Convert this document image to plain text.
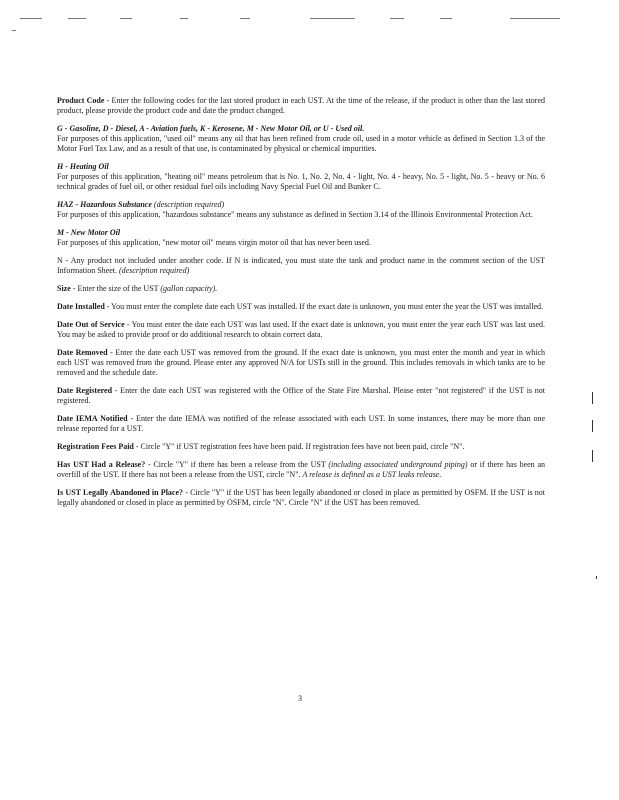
Product Code - Enter the following codes for the last stored product in each UST. At the time of the release, if the product is other than the last stored product, please provide the product code and date the product changed.

G - Gasoline, D - Diesel, A - Aviation fuels, K - Kerosene, M - New Motor Oil, or U - Used oil.
For purposes of this application, "used oil" means any oil that has been refined from crude oil, used in a motor vehicle as defined in Section 1.3 of the Motor Fuel Tax Law, and as a result of that use, is contaminated by physical or chemical impurities.

H - Heating Oil
For purposes of this application, "heating oil" means petroleum that is No. 1, No. 2, No. 4 - light, No. 4 - heavy, No. 5 - light, No. 5 - heavy or No. 6 technical grades of fuel oil, or other residual fuel oils including Navy Special Fuel Oil and Bunker C.

HAZ - Hazardous Substance (description required)
For purposes of this application, "hazardous substance" means any substance as defined in Section 3.14 of the Illinois Environmental Protection Act.

M - New Motor Oil
For purposes of this application, "new motor oil" means virgin motor oil that has never been used.

N - Any product not included under another code. If N is indicated, you must state the tank and product name in the comment section of the UST Information Sheet. (description required)

Size - Enter the size of the UST (gallon capacity).

Date Installed - You must enter the complete date each UST was installed. If the exact date is unknown, you must enter the year the UST was installed.

Date Out of Service - You must enter the date each UST was last used. If the exact date is unknown, you must enter the year each UST was last used. You may be asked to provide proof or do additional research to obtain correct data.

Date Removed - Enter the date each UST was removed from the ground. If the exact date is unknown, you must enter the month and year in which each UST was removed from the ground. Please enter any approved N/A for USTs still in the ground. This includes removals in which tanks are to be removed and the schedule date.

Date Registered - Enter the date each UST was registered with the Office of the State Fire Marshal. Please enter "not registered" if the UST is not registered.

Date IEMA Notified - Enter the date IEMA was notified of the release associated with each UST. In some instances, there may be more than one release reported for a UST.

Registration Fees Paid - Circle "Y" if UST registration fees have been paid. If registration fees have not been paid, circle "N".

Has UST Had a Release? - Circle "Y" if there has been a release from the UST (including associated underground piping) or if there has been an overfill of the UST. If there has not been a release from the UST, circle "N". A release is defined as a UST leaks release.

Is UST Legally Abandoned in Place? - Circle "Y" if the UST has been legally abandoned or closed in place as permitted by OSFM. If the UST is not legally abandoned or closed in place as permitted by OSFM, circle "N". Circle "N" if the UST has been removed.

3
